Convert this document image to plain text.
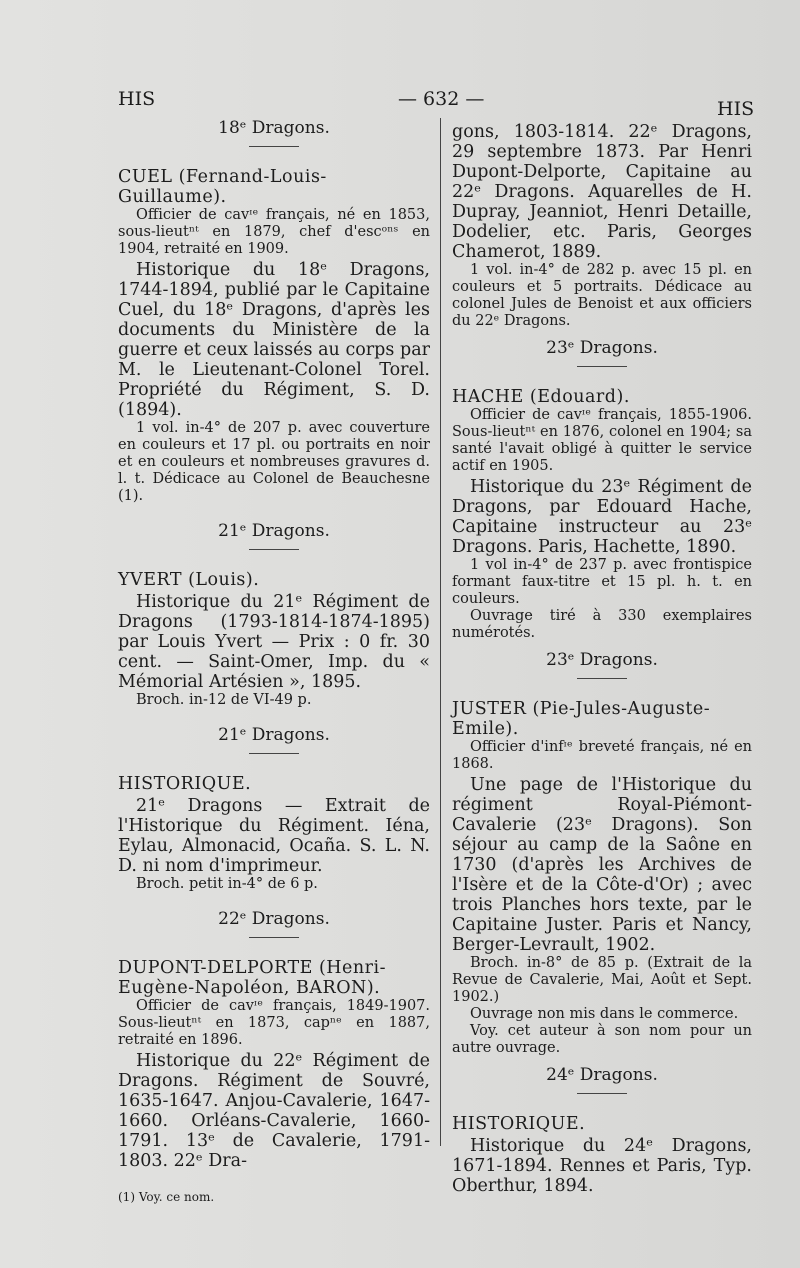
HIS	— 632 —	HIS

18ᵉ Dragons.

CUEL (Fernand-Louis-Guillaume).

Officier de cavᶦᵉ français, né en 1853, sous-lieutⁿᵗ en 1879, chef d'escᵒⁿˢ en 1904, retraité en 1909.

Historique du 18ᵉ Dragons, 1744-1894, publié par le Capitaine Cuel, du 18ᵉ Dragons, d'après les documents du Ministère de la guerre et ceux laissés au corps par M. le Lieutenant-Colonel Torel. Propriété du Régiment, S. D. (1894).

1 vol. in-4° de 207 p. avec couverture en couleurs et 17 pl. ou portraits en noir et en couleurs et nombreuses gravures d. l. t. Dédicace au Colonel de Beauchesne (1).

21ᵉ Dragons.

YVERT (Louis).

Historique du 21ᵉ Régiment de Dragons (1793-1814-1874-1895) par Louis Yvert — Prix : 0 fr. 30 cent. — Saint-Omer, Imp. du « Mémorial Artésien », 1895.

Broch. in-12 de VI-49 p.

21ᵉ Dragons.

HISTORIQUE.

21ᵉ Dragons — Extrait de l'Historique du Régiment. Iéna, Eylau, Almonacid, Ocaña. S. L. N. D. ni nom d'imprimeur.

Broch. petit in-4° de 6 p.

22ᵉ Dragons.

DUPONT-DELPORTE (Henri-Eugène-Napoléon, BARON).

Officier de cavᶦᵉ français, 1849-1907. Sous-lieutⁿᵗ en 1873, capⁿᵉ en 1887, retraité en 1896.

Historique du 22ᵉ Régiment de Dragons. Régiment de Souvré, 1635-1647. Anjou-Cavalerie, 1647-1660. Orléans-Cavalerie, 1660-1791. 13ᵉ de Cavalerie, 1791-1803. 22ᵉ Dra-

(1) Voy. ce nom.

gons, 1803-1814. 22ᵉ Dragons, 29 septembre 1873. Par Henri Dupont-Delporte, Capitaine au 22ᵉ Dragons. Aquarelles de H. Dupray, Jeanniot, Henri Detaille, Dodelier, etc. Paris, Georges Chamerot, 1889.

1 vol. in-4° de 282 p. avec 15 pl. en couleurs et 5 portraits. Dédicace au colonel Jules de Benoist et aux officiers du 22ᵉ Dragons.

23ᵉ Dragons.

HACHE (Edouard).

Officier de cavᶦᵉ français, 1855-1906. Sous-lieutⁿᵗ en 1876, colonel en 1904; sa santé l'avait obligé à quitter le service actif en 1905.

Historique du 23ᵉ Régiment de Dragons, par Edouard Hache, Capitaine instructeur au 23ᵉ Dragons. Paris, Hachette, 1890.

1 vol in-4° de 237 p. avec frontispice formant faux-titre et 15 pl. h. t. en couleurs.

Ouvrage tiré à 330 exemplaires numérotés.

23ᵉ Dragons.

JUSTER (Pie-Jules-Auguste-Emile).

Officier d'infᶦᵉ breveté français, né en 1868.

Une page de l'Historique du régiment Royal-Piémont-Cavalerie (23ᵉ Dragons). Son séjour au camp de la Saône en 1730 (d'après les Archives de l'Isère et de la Côte-d'Or) ; avec trois Planches hors texte, par le Capitaine Juster. Paris et Nancy, Berger-Levrault, 1902.

Broch. in-8° de 85 p. (Extrait de la Revue de Cavalerie, Mai, Août et Sept. 1902.)

Ouvrage non mis dans le commerce.

Voy. cet auteur à son nom pour un autre ouvrage.

24ᵉ Dragons.

HISTORIQUE.

Historique du 24ᵉ Dragons, 1671-1894. Rennes et Paris, Typ. Oberthur, 1894.
